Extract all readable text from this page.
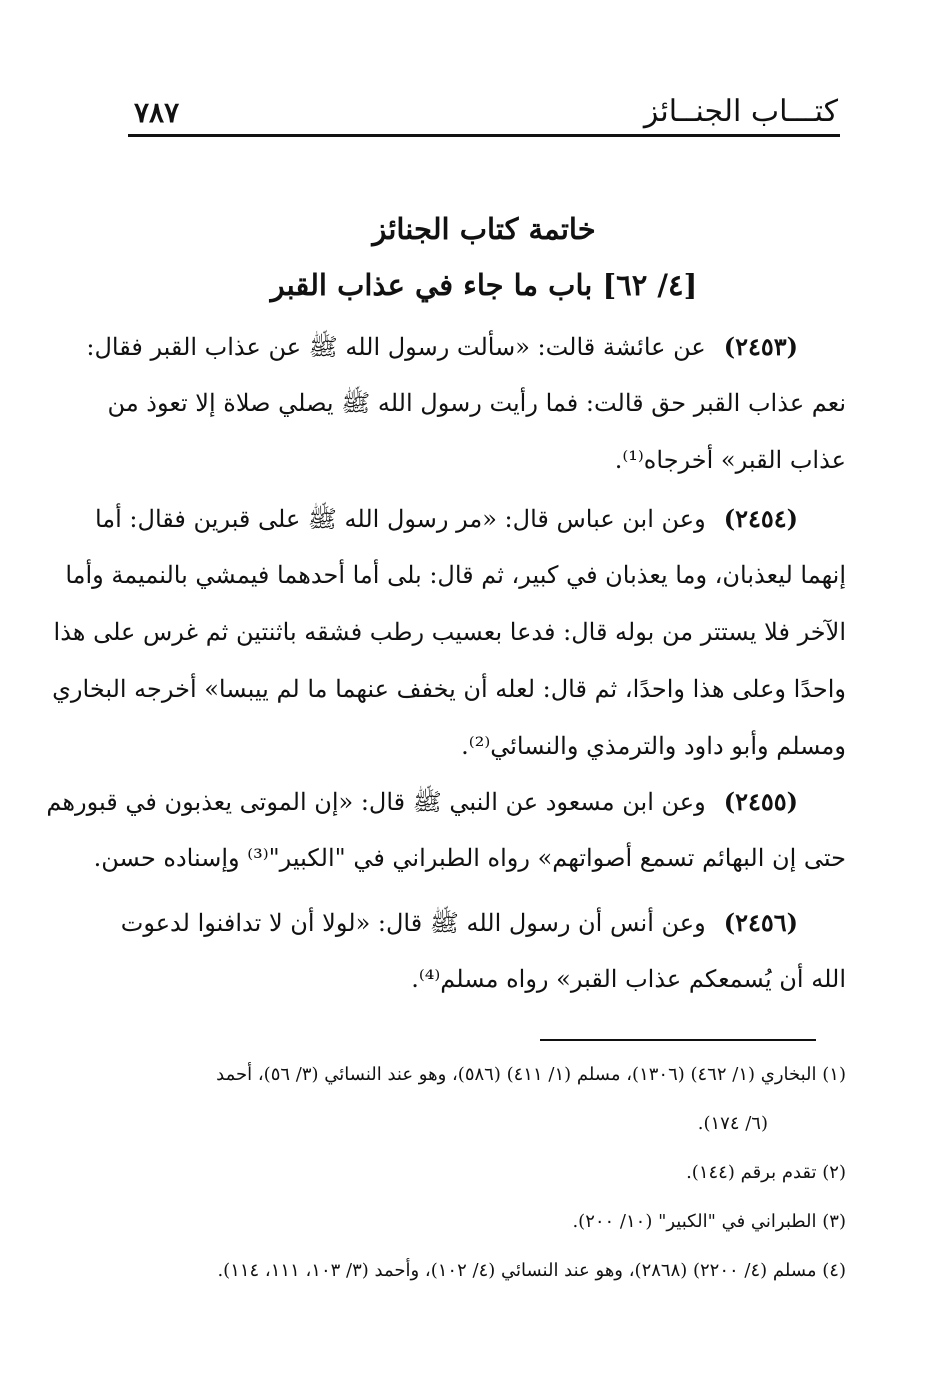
كتـــاب الجنــائز
٧٨٧
خاتمة كتاب الجنائز
[٤/ ٦٢] باب ما جاء في عذاب القبر
(٢٤٥٣)عن عائشة قالت: «سألت رسول الله ﷺ عن عذاب القبر فقال:
نعم عذاب القبر حق قالت: فما رأيت رسول الله ﷺ يصلي صلاة إلا تعوذ من
عذاب القبر» أخرجاه⁽¹⁾.
(٢٤٥٤)وعن ابن عباس قال: «مر رسول الله ﷺ على قبرين فقال: أما
إنهما ليعذبان، وما يعذبان في كبير، ثم قال: بلى أما أحدهما فيمشي بالنميمة وأما
الآخر فلا يستتر من بوله قال: فدعا بعسيب رطب فشقه باثنتين ثم غرس على هذا
واحدًا وعلى هذا واحدًا، ثم قال: لعله أن يخفف عنهما ما لم ييبسا» أخرجه البخاري
ومسلم وأبو داود والترمذي والنسائي⁽²⁾.
(٢٤٥٥)وعن ابن مسعود عن النبي ﷺ قال: «إن الموتى يعذبون في قبورهم
حتى إن البهائم تسمع أصواتهم» رواه الطبراني في "الكبير"⁽³⁾ وإسناده حسن.
(٢٤٥٦)وعن أنس أن رسول الله ﷺ قال: «لولا أن لا تدافنوا لدعوت
الله أن يُسمعكم عذاب القبر» رواه مسلم⁽⁴⁾.
(١) البخاري (١/ ٤٦٢) (١٣٠٦)، مسلم (١/ ٤١١) (٥٨٦)، وهو عند النسائي (٣/ ٥٦)، أحمد
(٦/ ١٧٤).
(٢) تقدم برقم (١٤٤).
(٣) الطبراني في "الكبير" (١٠/ ٢٠٠).
(٤) مسلم (٤/ ٢٢٠٠) (٢٨٦٨)، وهو عند النسائي (٤/ ١٠٢)، وأحمد (٣/ ١٠٣، ١١١، ١١٤).
